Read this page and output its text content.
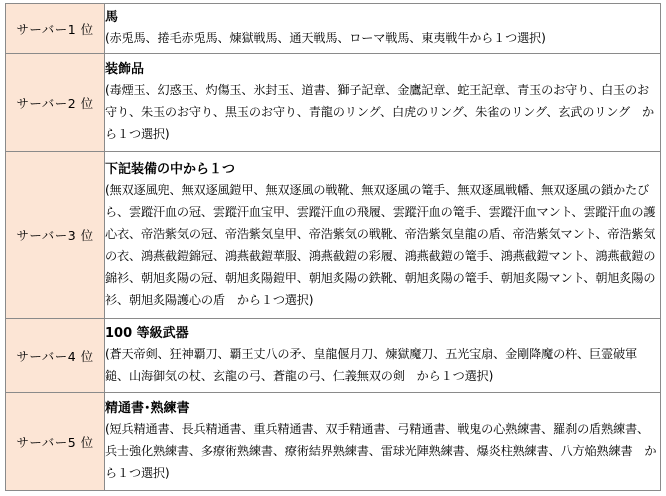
サーバー1 位	馬
(赤兎馬、捲毛赤兎馬、煉獄戦馬、通天戦馬、ローマ戦馬、東夷戦牛から１つ選択)

サーバー2 位	装飾品
(毒煙玉、幻惑玉、灼傷玉、氷封玉、道書、獅子記章、金鷹記章、蛇王記章、青玉のお守り、白玉のお守り、朱玉のお守り、黒玉のお守り、青龍のリング、白虎のリング、朱雀のリング、玄武のリング　から１つ選択)

サーバー3 位	下記装備の中から１つ
(無双逐風兜、無双逐風鎧甲、無双逐風の戦靴、無双逐風の篭手、無双逐風戦幡、無双逐風の鎖かたびら、雲蹤汗血の冠、雲蹤汗血宝甲、雲蹤汗血の飛履、雲蹤汗血の篭手、雲蹤汗血マント、雲蹤汗血の護心衣、帝浩紫気の冠、帝浩紫気皇甲、帝浩紫気の戦靴、帝浩紫気皇龍の盾、帝浩紫気マント、帝浩紫気の衣、鴻燕截鎧錦冠、鴻燕截鎧華服、鴻燕截鎧の彩履、鴻燕截鎧の篭手、鴻燕截鎧マント、鴻燕截鎧の錦衫、朝旭炙陽の冠、朝旭炙陽鎧甲、朝旭炙陽の鉄靴、朝旭炙陽の篭手、朝旭炙陽マント、朝旭炙陽の衫、朝旭炙陽護心の盾　から１つ選択)

サーバー4 位	100 等級武器
(蒼天帝剣、狂神覇刀、覇王丈八の矛、皇龍偃月刀、煉獄魔刀、五光宝扇、金剛降魔の杵、巨霊破軍鎚、山海御気の杖、玄龍の弓、蒼龍の弓、仁義無双の剣　から１つ選択)

サーバー5 位	精通書･熟練書
(短兵精通書、長兵精通書、重兵精通書、双手精通書、弓精通書、戦鬼の心熟練書、羅刹の盾熟練書、兵士強化熟練書、多療術熟練書、療術結界熟練書、雷球光陣熟練書、爆炎柱熟練書、八方焔熟練書　から１つ選択)
